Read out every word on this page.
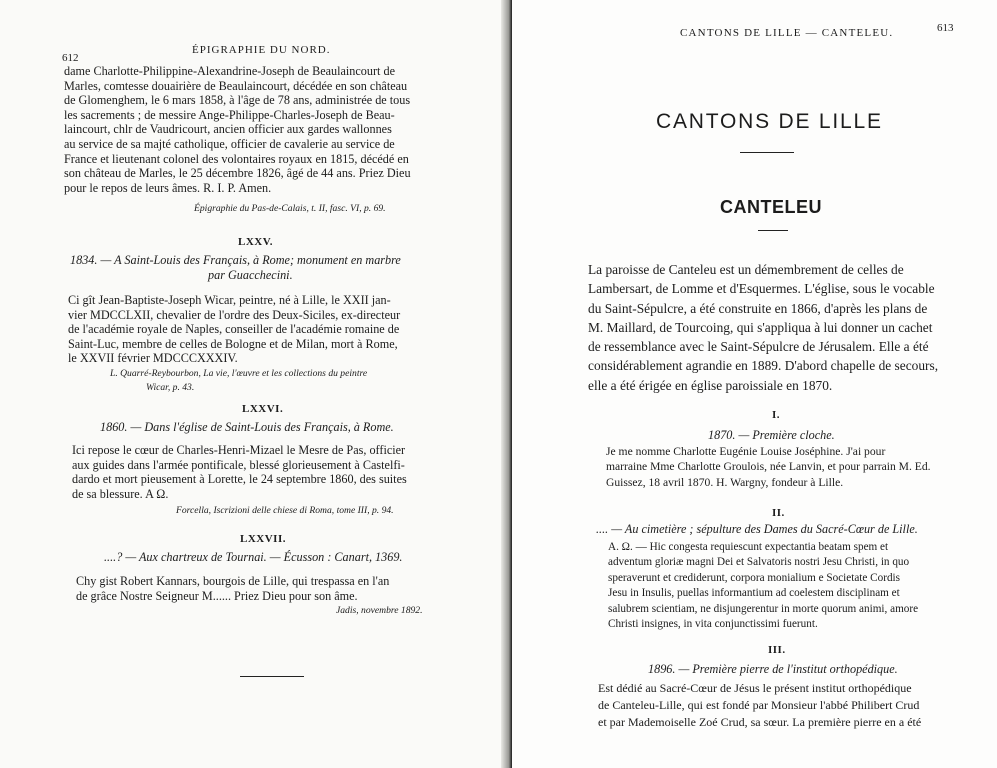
612
ÉPIGRAPHIE DU NORD.
dame Charlotte-Philippine-Alexandrine-Joseph de Beaulaincourt de
Marles, comtesse douairière de Beaulaincourt, décédée en son château
de Glomenghem, le 6 mars 1858, à l'âge de 78 ans, administrée de tous
les sacrements ; de messire Ange-Philippe-Charles-Joseph de Beau-
laincourt, chlr de Vaudricourt, ancien officier aux gardes wallonnes
au service de sa majté catholique, officier de cavalerie au service de
France et lieutenant colonel des volontaires royaux en 1815, décédé en
son château de Marles, le 25 décembre 1826, âgé de 44 ans. Priez Dieu
pour le repos de leurs âmes. R. I. P. Amen.
Épigraphie du Pas-de-Calais, t. II, fasc. VI, p. 69.
LXXV.
1834. — A Saint-Louis des Français, à Rome; monument en marbre
par Guacchecini.
Ci gît Jean-Baptiste-Joseph Wicar, peintre, né à Lille, le XXII jan-
vier MDCCLXII, chevalier de l'ordre des Deux-Siciles, ex-directeur
de l'académie royale de Naples, conseiller de l'académie romaine de
Saint-Luc, membre de celles de Bologne et de Milan, mort à Rome,
le XXVII février MDCCCXXXIV.
L. Quarré-Reybourbon, La vie, l'œuvre et les collections du peintre
Wicar, p. 43.
LXXVI.
1860. — Dans l'église de Saint-Louis des Français, à Rome.
Ici repose le cœur de Charles-Henri-Mizael le Mesre de Pas, officier
aux guides dans l'armée pontificale, blessé glorieusement à Castelfi-
dardo et mort pieusement à Lorette, le 24 septembre 1860, des suites
de sa blessure. A Ω.
Forcella, Iscrizioni delle chiese di Roma, tome III, p. 94.
LXXVII.
....? — Aux chartreux de Tournai. — Écusson : Canart, 1369.
Chy gist Robert Kannars, bourgois de Lille, qui trespassa en l'an
de grâce Nostre Seigneur M...... Priez Dieu pour son âme.
Jadis, novembre 1892.
CANTONS DE LILLE — CANTELEU.	613
CANTONS DE LILLE
CANTELEU
La paroisse de Canteleu est un démembrement de celles de
Lambersart, de Lomme et d'Esquermes. L'église, sous le vocable
du Saint-Sépulcre, a été construite en 1866, d'après les plans de
M. Maillard, de Tourcoing, qui s'appliqua à lui donner un cachet
de ressemblance avec le Saint-Sépulcre de Jérusalem. Elle a été
considérablement agrandie en 1889. D'abord chapelle de secours,
elle a été érigée en église paroissiale en 1870.
I.
1870. — Première cloche.
Je me nomme Charlotte Eugénie Louise Joséphine. J'ai pour
marraine Mme Charlotte Groulois, née Lanvin, et pour parrain M. Ed.
Guissez, 18 avril 1870. H. Wargny, fondeur à Lille.
II.
.... — Au cimetière ; sépulture des Dames du Sacré-Cœur de Lille.
A. Ω. — Hic congesta requiescunt expectantia beatam spem et
adventum gloriæ magni Dei et Salvatoris nostri Jesu Christi, in quo
speraverunt et crediderunt, corpora monialium e Societate Cordis
Jesu in Insulis, puellas informantium ad coelestem disciplinam et
salubrem scientiam, ne disjungerentur in morte quorum animi, amore
Christi insignes, in vita conjunctissimi fuerunt.
III.
1896. — Première pierre de l'institut orthopédique.
Est dédié au Sacré-Cœur de Jésus le présent institut orthopédique
de Canteleu-Lille, qui est fondé par Monsieur l'abbé Philibert Crud
et par Mademoiselle Zoé Crud, sa sœur. La première pierre en a été
